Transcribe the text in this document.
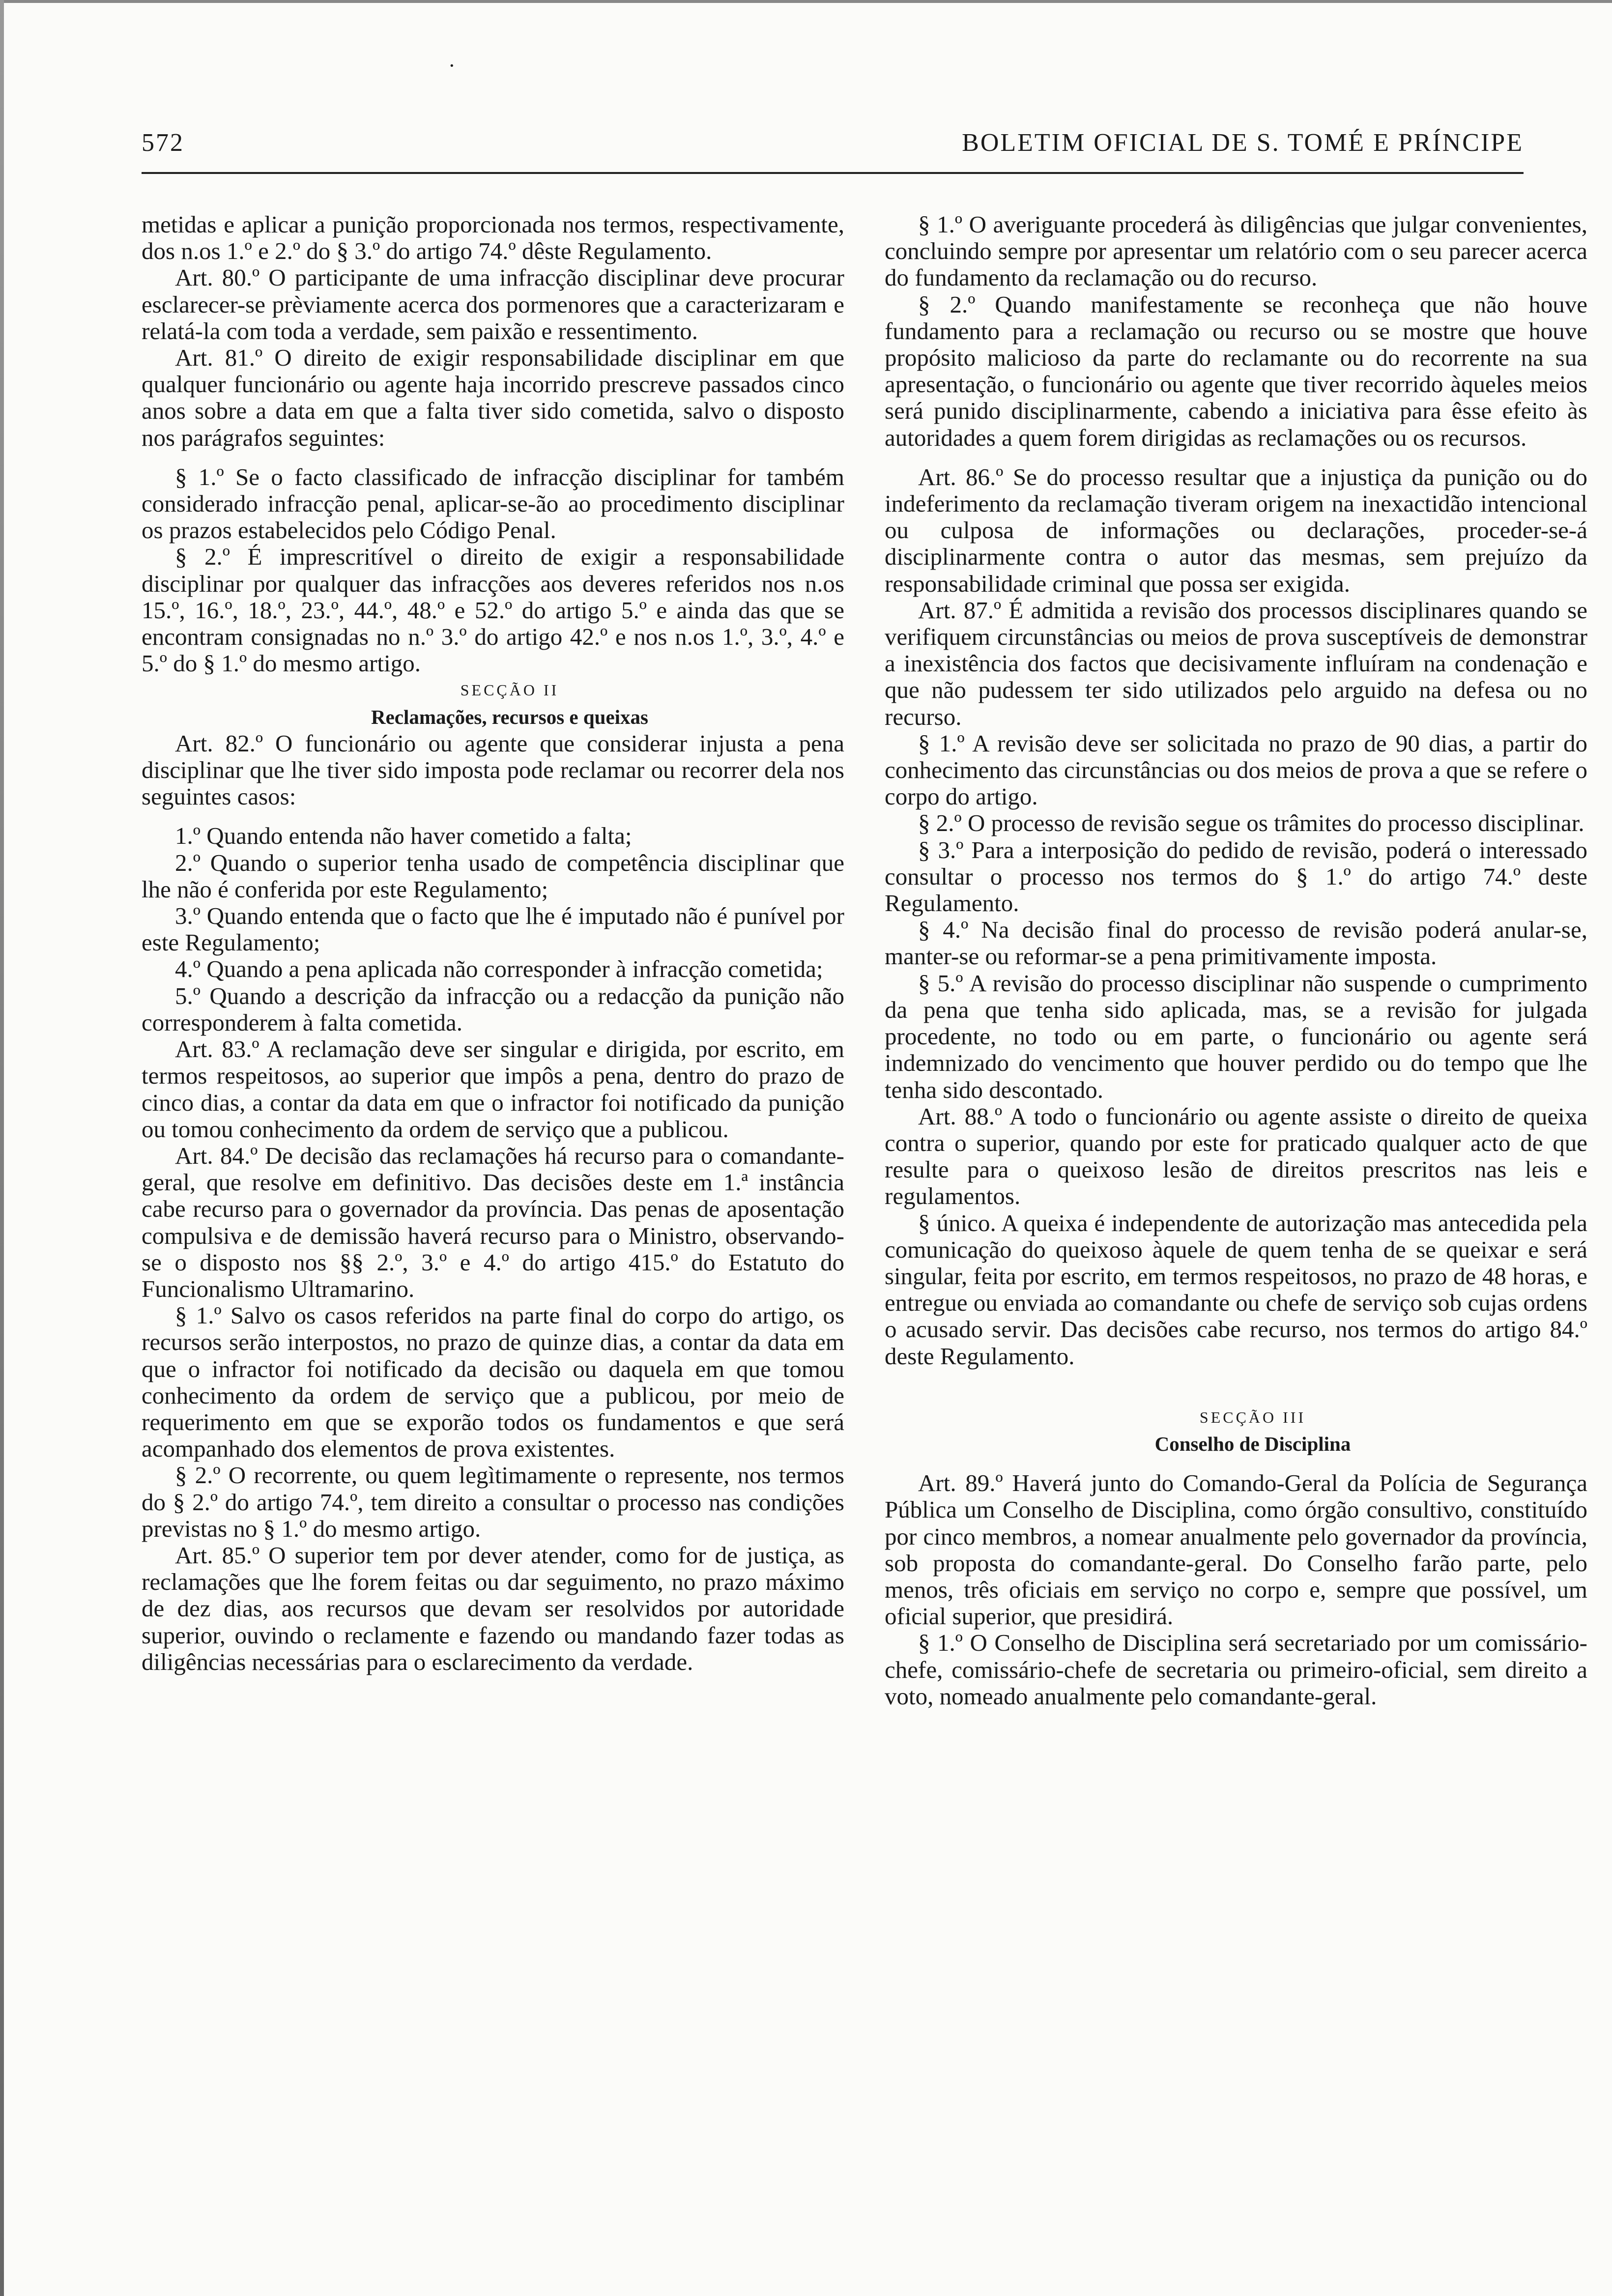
·
572	BOLETIM OFICIAL DE S. TOMÉ E PRÍNCIPE

metidas e aplicar a punição proporcionada nos termos, respectivamente, dos n.os 1.º e 2.º do § 3.º do artigo 74.º dêste Regulamento.

Art. 80.º O participante de uma infracção disciplinar deve procurar esclarecer-se prèviamente acerca dos pormenores que a caracterizaram e relatá-la com toda a verdade, sem paixão e ressentimento.

Art. 81.º O direito de exigir responsabilidade disciplinar em que qualquer funcionário ou agente haja incorrido prescreve passados cinco anos sobre a data em que a falta tiver sido cometida, salvo o disposto nos parágrafos seguintes:

§ 1.º Se o facto classificado de infracção disciplinar for também considerado infracção penal, aplicar-se-ão ao procedimento disciplinar os prazos estabelecidos pelo Código Penal.

§ 2.º É imprescritível o direito de exigir a responsabilidade disciplinar por qualquer das infracções aos deveres referidos nos n.os 15.º, 16.º, 18.º, 23.º, 44.º, 48.º e 52.º do artigo 5.º e ainda das que se encontram consignadas no n.º 3.º do artigo 42.º e nos n.os 1.º, 3.º, 4.º e 5.º do § 1.º do mesmo artigo.

SECÇÃO II

Reclamações, recursos e queixas

Art. 82.º O funcionário ou agente que considerar injusta a pena disciplinar que lhe tiver sido imposta pode reclamar ou recorrer dela nos seguintes casos:

1.º Quando entenda não haver cometido a falta;

2.º Quando o superior tenha usado de competência disciplinar que lhe não é conferida por este Regulamento;

3.º Quando entenda que o facto que lhe é imputado não é punível por este Regulamento;

4.º Quando a pena aplicada não corresponder à infracção cometida;

5.º Quando a descrição da infracção ou a redacção da punição não corresponderem à falta cometida.

Art. 83.º A reclamação deve ser singular e dirigida, por escrito, em termos respeitosos, ao superior que impôs a pena, dentro do prazo de cinco dias, a contar da data em que o infractor foi notificado da punição ou tomou conhecimento da ordem de serviço que a publicou.

Art. 84.º De decisão das reclamações há recurso para o comandante-geral, que resolve em definitivo. Das decisões deste em 1.ª instância cabe recurso para o governador da província. Das penas de aposentação compulsiva e de demissão haverá recurso para o Ministro, observando-se o disposto nos §§ 2.º, 3.º e 4.º do artigo 415.º do Estatuto do Funcionalismo Ultramarino.

§ 1.º Salvo os casos referidos na parte final do corpo do artigo, os recursos serão interpostos, no prazo de quinze dias, a contar da data em que o infractor foi notificado da decisão ou daquela em que tomou conhecimento da ordem de serviço que a publicou, por meio de requerimento em que se exporão todos os fundamentos e que será acompanhado dos elementos de prova existentes.

§ 2.º O recorrente, ou quem legìtimamente o represente, nos termos do § 2.º do artigo 74.º, tem direito a consultar o processo nas condições previstas no § 1.º do mesmo artigo.

Art. 85.º O superior tem por dever atender, como for de justiça, as reclamações que lhe forem feitas ou dar seguimento, no prazo máximo de dez dias, aos recursos que devam ser resolvidos por autoridade superior, ouvindo o reclamente e fazendo ou mandando fazer todas as diligências necessárias para o esclarecimento da verdade.

§ 1.º O averiguante procederá às diligências que julgar convenientes, concluindo sempre por apresentar um relatório com o seu parecer acerca do fundamento da reclamação ou do recurso.

§ 2.º Quando manifestamente se reconheça que não houve fundamento para a reclamação ou recurso ou se mostre que houve propósito malicioso da parte do reclamante ou do recorrente na sua apresentação, o funcionário ou agente que tiver recorrido àqueles meios será punido disciplinarmente, cabendo a iniciativa para êsse efeito às autoridades a quem forem dirigidas as reclamações ou os recursos.

Art. 86.º Se do processo resultar que a injustiça da punição ou do indeferimento da reclamação tiveram origem na inexactidão intencional ou culposa de informações ou declarações, proceder-se-á disciplinarmente contra o autor das mesmas, sem prejuízo da responsabilidade criminal que possa ser exigida.

Art. 87.º É admitida a revisão dos processos disciplinares quando se verifiquem circunstâncias ou meios de prova susceptíveis de demonstrar a inexistência dos factos que decisivamente influíram na condenação e que não pudessem ter sido utilizados pelo arguido na defesa ou no recurso.

§ 1.º A revisão deve ser solicitada no prazo de 90 dias, a partir do conhecimento das circunstâncias ou dos meios de prova a que se refere o corpo do artigo.

§ 2.º O processo de revisão segue os trâmites do processo disciplinar.

§ 3.º Para a interposição do pedido de revisão, poderá o interessado consultar o processo nos termos do § 1.º do artigo 74.º deste Regulamento.

§ 4.º Na decisão final do processo de revisão poderá anular-se, manter-se ou reformar-se a pena primitivamente imposta.

§ 5.º A revisão do processo disciplinar não suspende o cumprimento da pena que tenha sido aplicada, mas, se a revisão for julgada procedente, no todo ou em parte, o funcionário ou agente será indemnizado do vencimento que houver perdido ou do tempo que lhe tenha sido descontado.

Art. 88.º A todo o funcionário ou agente assiste o direito de queixa contra o superior, quando por este for praticado qualquer acto de que resulte para o queixoso lesão de direitos prescritos nas leis e regulamentos.

§ único. A queixa é independente de autorização mas antecedida pela comunicação do queixoso àquele de quem tenha de se queixar e será singular, feita por escrito, em termos respeitosos, no prazo de 48 horas, e entregue ou enviada ao comandante ou chefe de serviço sob cujas ordens o acusado servir. Das decisões cabe recurso, nos termos do artigo 84.º deste Regulamento.

SECÇÃO III

Conselho de Disciplina

Art. 89.º Haverá junto do Comando-Geral da Polícia de Segurança Pública um Conselho de Disciplina, como órgão consultivo, constituído por cinco membros, a nomear anualmente pelo governador da província, sob proposta do comandante-geral. Do Conselho farão parte, pelo menos, três oficiais em serviço no corpo e, sempre que possível, um oficial superior, que presidirá.

§ 1.º O Conselho de Disciplina será secretariado por um comissário-chefe, comissário-chefe de secretaria ou primeiro-oficial, sem direito a voto, nomeado anualmente pelo comandante-geral.
